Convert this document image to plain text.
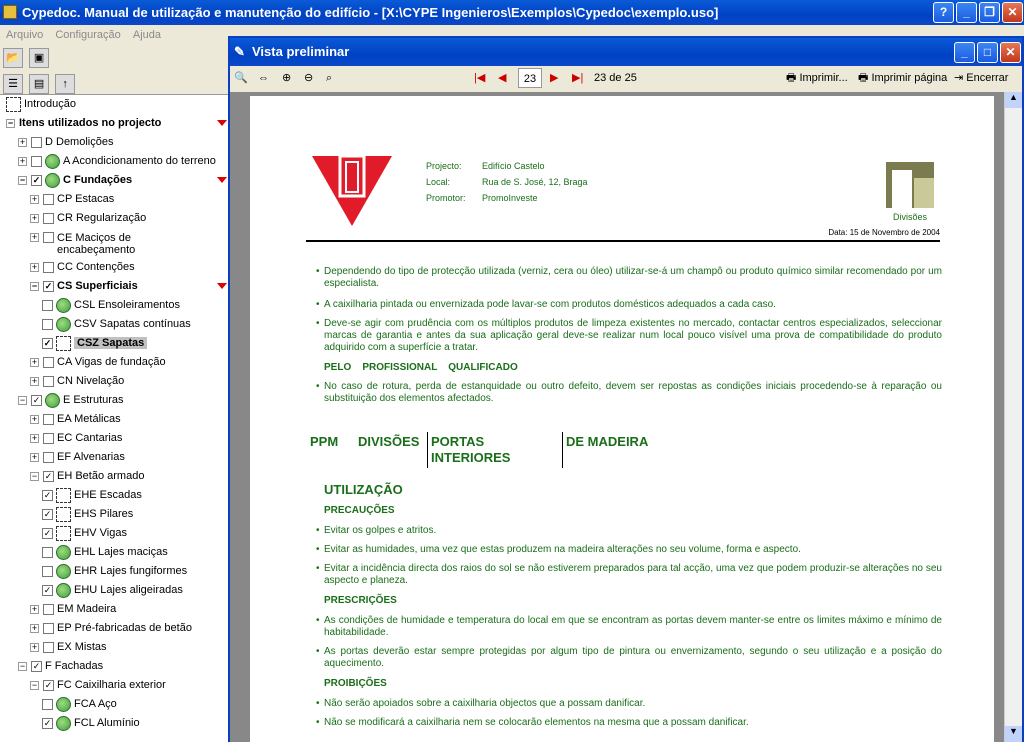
Cypedoc. Manual de utilização e manutenção do edifício - [X:\CYPE Ingenieros\Exemplos\Cypedoc\exemplo.uso]	?	_	❐	✕
Arquivo Configuração Ajuda
📂 ▣
☰ ▤ ↑
Introdução
− Itens utilizados no projecto
+ D Demolições
+	A Acondicionamento do terreno
− ✓ C Fundações
+ CP Estacas
+ CR Regularização
+ CE Maciços de encabeçamento
+ CC Contenções
− ✓ CS Superficiais
CSL Ensoleiramentos
CSV Sapatas contínuas
✓ CSZ Sapatas
+ CA Vigas de fundação
+ CN Nivelação
− ✓ E Estruturas
+ EA Metálicas
+ EC Cantarias
+ EF Alvenarias
− ✓ EH Betão armado
✓ EHE Escadas
✓ EHS Pilares
✓ EHV Vigas
EHL Lajes maciças
EHR Lajes fungiformes
✓ EHU Lajes aligeiradas
+ EM Madeira
+ EP Pré-fabricadas de betão
+ EX Mistas
− ✓ F Fachadas
− ✓ FC Caixilharia exterior
FCA Aço
✓ FCL Alumínio
✎ Vista preliminar	_	□	✕
🔍 ⇔ ⊕ ⊖ ⌕	|◀ ◀	23	▶ ▶| 23 de 25	🖶 Imprimir... 🖶 Imprimir página ⇥ Encerrar
Projecto: Edifício Castelo
Local:	Rua de S. José, 12, Braga
Promotor: PromoInveste
Divisões
Data: 15 de Novembro de 2004
• Dependendo do tipo de protecção utilizada (verniz, cera ou óleo) utilizar-se-á um champô ou produto químico similar recomendado por um especialista.
• A caixilharia pintada ou envernizada pode lavar-se com produtos domésticos adequados a cada caso.
• Deve-se agir com prudência com os múltiplos produtos de limpeza existentes no mercado, contactar centros especializados, seleccionar marcas de garantia e antes da sua aplicação geral deve-se realizar num local pouco visível uma prova de compatibilidade do produto adquirido com a superfície a tratar.
PELO    PROFISSIONAL    QUALIFICADO
• No caso de rotura, perda de estanquidade ou outro defeito, devem ser repostas as condições iniciais procedendo-se à reparação ou substituição dos elementos afectados.
PPM DIVISÕES PORTAS INTERIORES
DE MADEIRA
UTILIZAÇÃO
PRECAUÇÕES
• Evitar os golpes e atritos.
• Evitar as humidades, uma vez que estas produzem na madeira alterações no seu volume, forma e aspecto.
• Evitar a incidência directa dos raios do sol se não estiverem preparados para tal acção, uma vez que podem produzir-se alterações no seu aspecto e planeza.
PRESCRIÇÕES
• As condições de humidade e temperatura do local em que se encontram as portas devem manter-se entre os limites máximo e mínimo de habitabilidade.
• As portas deverão estar sempre protegidas por algum tipo de pintura ou envernizamento, segundo o seu utilização e a posição do aquecimento.
PROIBIÇÕES
• Não serão apoiados sobre a caixilharia objectos que a possam danificar.
• Não se modificará a caixilharia nem se colocarão elementos na mesma que a possam danificar.
▲
▼
